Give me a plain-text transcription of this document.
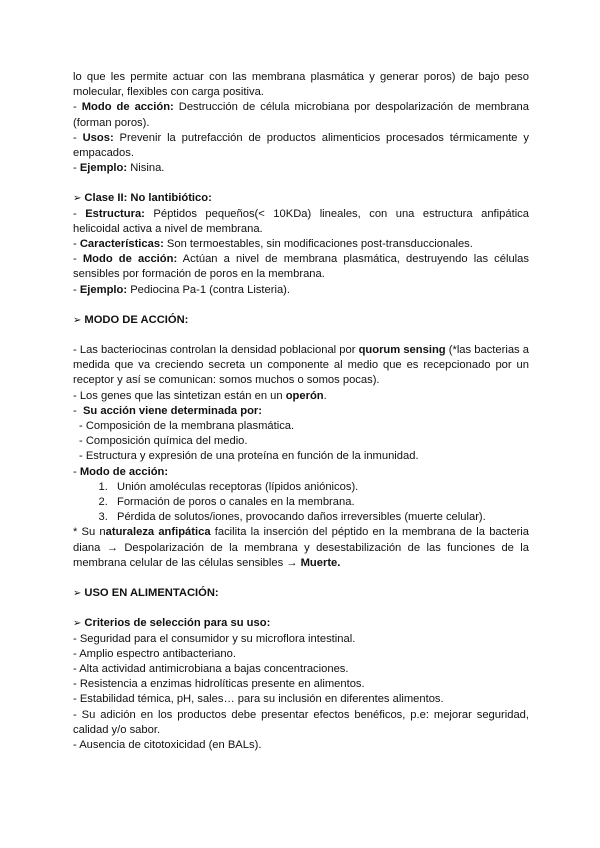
lo que les permite actuar con las membrana plasmática y generar poros) de bajo peso molecular, flexibles con carga positiva.

- Modo de acción: Destrucción de célula microbiana por despolarización de membrana (forman poros).

- Usos: Prevenir la putrefacción de productos alimenticios procesados térmicamente y empacados.

- Ejemplo: Nisina.

➢ Clase II: No lantibiótico:

- Estructura: Péptidos pequeños(< 10KDa) lineales, con una estructura anfipática helicoidal activa a nivel de membrana.

- Características: Son termoestables, sin modificaciones post-transduccionales.

- Modo de acción: Actúan a nivel de membrana plasmática, destruyendo las células sensibles por formación de poros en la membrana.

- Ejemplo: Pediocina Pa-1 (contra Listeria).

➢ MODO DE ACCIÓN:

- Las bacteriocinas controlan la densidad poblacional por quorum sensing (*las bacterias a medida que va creciendo secreta un componente al medio que es recepcionado por un receptor y así se comunican: somos muchos o somos pocas).

- Los genes que las sintetizan están en un operón.

-  Su acción viene determinada por:

- Composición de la membrana plasmática.

- Composición química del medio.

- Estructura y expresión de una proteína en función de la inmunidad.

- Modo de acción:

1. Unión amoléculas receptoras (lípidos aniónicos).
2. Formación de poros o canales en la membrana.
3. Pérdida de solutos/iones, provocando daños irreversibles (muerte celular).

* Su naturaleza anfipática facilita la inserción del péptido en la membrana de la bacteria diana → Despolarización de la membrana y desestabilización de las funciones de la membrana celular de las células sensibles → Muerte.

➢ USO EN ALIMENTACIÓN:

➢ Criterios de selección para su uso:

- Seguridad para el consumidor y su microflora intestinal.

- Amplio espectro antibacteriano.

- Alta actividad antimicrobiana a bajas concentraciones.

- Resistencia a enzimas hidrolíticas presente en alimentos.

- Estabilidad témica, pH, sales… para su inclusión en diferentes alimentos.

- Su adición en los productos debe presentar efectos benéficos, p.e: mejorar seguridad, calidad y/o sabor.

- Ausencia de citotoxicidad (en BALs).
